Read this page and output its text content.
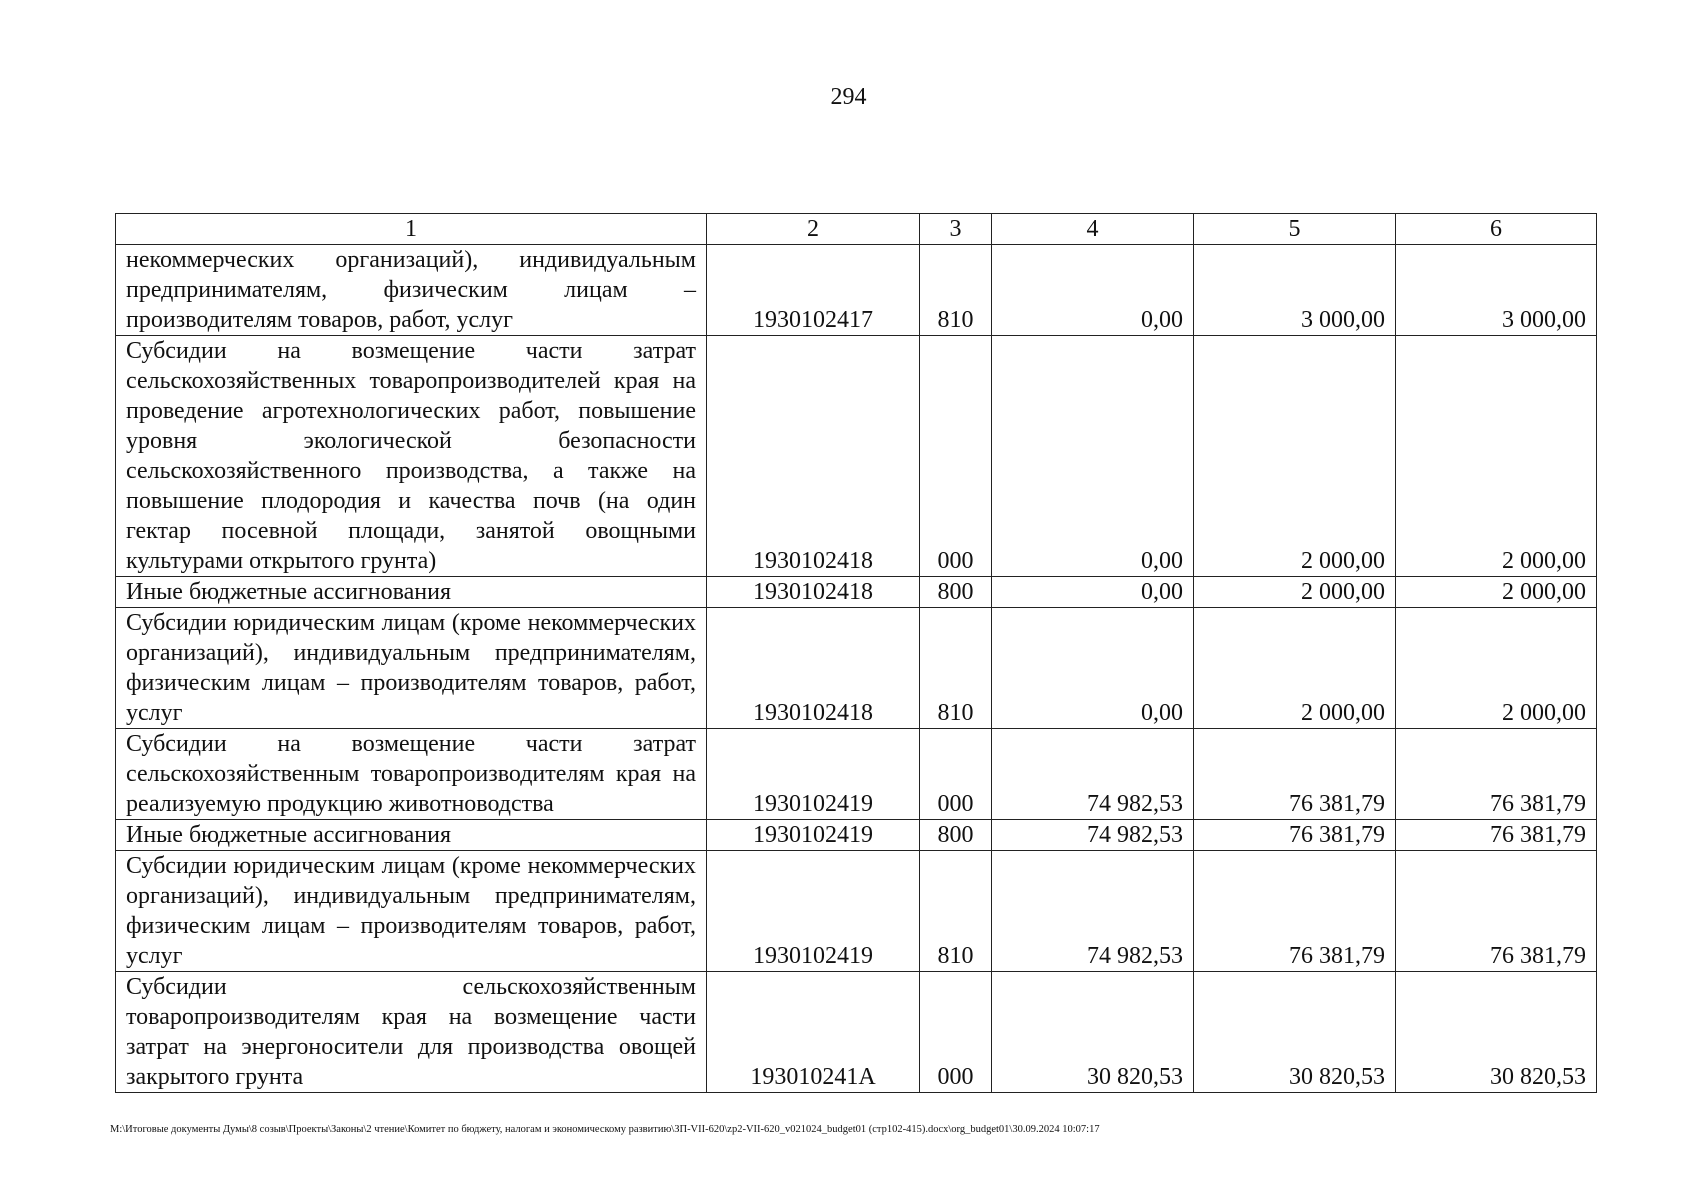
294
1	2	3	4	5	6
некоммерческих организаций), индивидуальным предпринимателям, физическим лицам – производителям товаров, работ, услуг	1930102417	810	0,00	3 000,00	3 000,00
Субсидии на возмещение части затрат сельскохозяйственных товаропроизводителей края на проведение агротехнологических работ, повышение уровня экологической безопасности сельскохозяйственного производства, а также на повышение плодородия и качества почв (на один гектар посевной площади, занятой овощными культурами открытого грунта)	1930102418	000	0,00	2 000,00	2 000,00
Иные бюджетные ассигнования	1930102418	800	0,00	2 000,00	2 000,00
Субсидии юридическим лицам (кроме некоммерческих организаций), индивидуальным предпринимателям, физическим лицам – производителям товаров, работ, услуг	1930102418	810	0,00	2 000,00	2 000,00
Субсидии на возмещение части затрат сельскохозяйственным товаропроизводителям края на реализуемую продукцию животноводства	1930102419	000	74 982,53	76 381,79	76 381,79
Иные бюджетные ассигнования	1930102419	800	74 982,53	76 381,79	76 381,79
Субсидии юридическим лицам (кроме некоммерческих организаций), индивидуальным предпринимателям, физическим лицам – производителям товаров, работ, услуг	1930102419	810	74 982,53	76 381,79	76 381,79
Субсидии сельскохозяйственным товаропроизводителям края на возмещение части затрат на энергоносители для производства овощей закрытого грунта	193010241А	000	30 820,53	30 820,53	30 820,53
M:\Итоговые документы Думы\8 созыв\Проекты\Законы\2 чтение\Комитет по бюджету, налогам и экономическому развитию\ЗП-VII-620\zp2-VII-620_v021024_budget01 (стр102-415).docx\org_budget01\30.09.2024 10:07:17
